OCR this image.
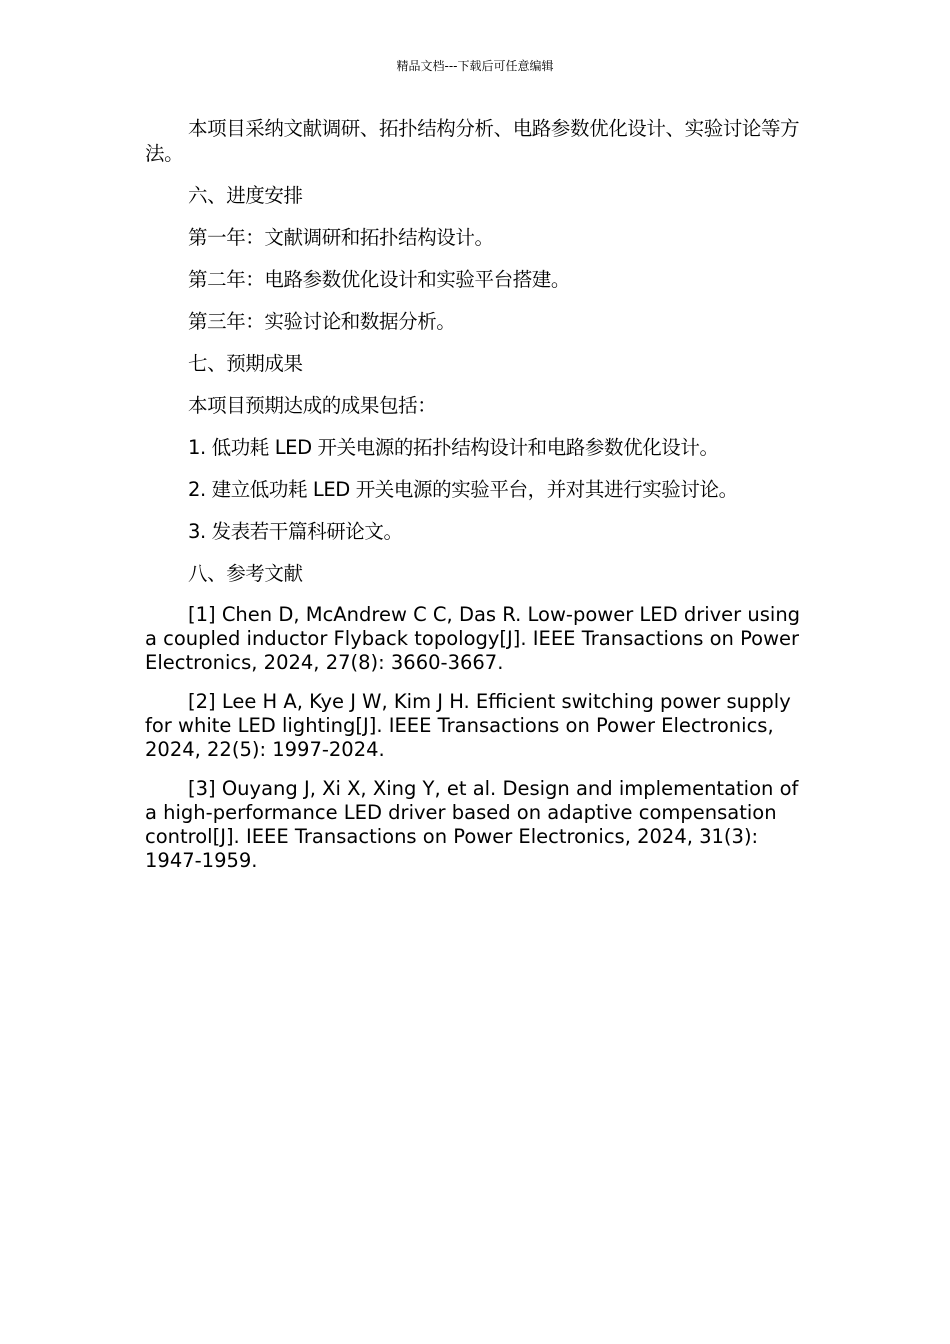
精品文档---下载后可任意编辑

本项目采纳文献调研、拓扑结构分析、电路参数优化设计、实验讨论等方法。

六、进度安排

第一年：文献调研和拓扑结构设计。

第二年：电路参数优化设计和实验平台搭建。

第三年：实验讨论和数据分析。

七、预期成果

本项目预期达成的成果包括：

1. 低功耗 LED 开关电源的拓扑结构设计和电路参数优化设计。

2. 建立低功耗 LED 开关电源的实验平台，并对其进行实验讨论。

3. 发表若干篇科研论文。

八、参考文献

[1] Chen D, McAndrew C C, Das R. Low-power LED driver using a coupled inductor Flyback topology[J]. IEEE Transactions on Power Electronics, 2024, 27(8): 3660-3667.

[2] Lee H A, Kye J W, Kim J H. Efficient switching power supply for white LED lighting[J]. IEEE Transactions on Power Electronics, 2024, 22(5): 1997-2024.

[3] Ouyang J, Xi X, Xing Y, et al. Design and implementation of a high-performance LED driver based on adaptive compensation control[J]. IEEE Transactions on Power Electronics, 2024, 31(3): 1947-1959.
